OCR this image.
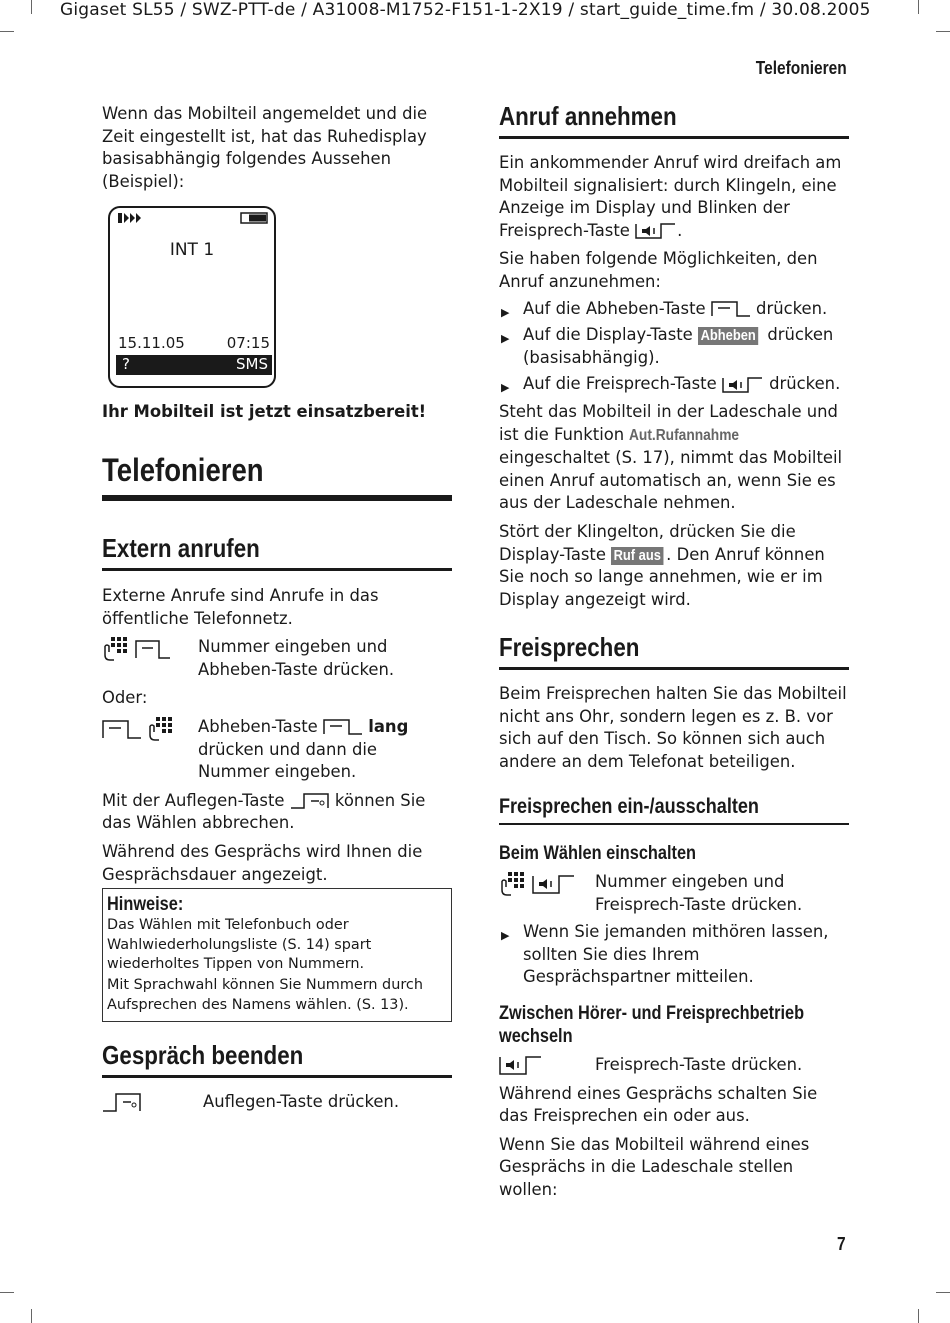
Gigaset SL55 / SWZ-PTT-de / A31008-M1752-F151-1-2X19 / start_guide_time.fm / 30.08.2005
Telefonieren

Wenn das Mobilteil angemeldet und die Zeit eingestellt ist, hat das Ruhedisplay basisabhängig folgendes Aussehen (Beispiel):

INT 1
15.11.05	07:15
?	SMS

Ihr Mobilteil ist jetzt einsatzbereit!

Telefonieren
Extern anrufen

Externe Anrufe sind Anrufe in das öffentliche Telefonnetz.

Nummer eingeben und Abheben-Taste drücken.

Oder:

Abheben-Taste	lang drücken und dann die Nummer eingeben.

Mit der Auflegen-Taste	können Sie das Wählen abbrechen.

Während des Gesprächs wird Ihnen die Gesprächsdauer angezeigt.

Hinweise:

Das Wählen mit Telefonbuch oder Wahlwiederholungsliste (S. 14) spart wiederholtes Tippen von Nummern.

Mit Sprachwahl können Sie Nummern durch Aufsprechen des Namens wählen. (S. 13).

Gespräch beenden

Auflegen-Taste drücken.

Anruf annehmen

Ein ankommender Anruf wird dreifach am Mobilteil signalisiert: durch Klingeln, eine Anzeige im Display und Blinken der Freisprech-Taste	.

Sie haben folgende Möglichkeiten, den Anruf anzunehmen:

▶ Auf die Abheben-Taste	drücken.

▶ Auf die Display-Taste Abheben drücken (basisabhängig).

▶ Auf die Freisprech-Taste	drücken.

Steht das Mobilteil in der Ladeschale und ist die Funktion Aut.Rufannahme eingeschaltet (S. 17), nimmt das Mobilteil einen Anruf automatisch an, wenn Sie es aus der Ladeschale nehmen.

Stört der Klingelton, drücken Sie die Display-Taste Ruf aus . Den Anruf können Sie noch so lange annehmen, wie er im Display angezeigt wird.

Freisprechen

Beim Freisprechen halten Sie das Mobilteil nicht ans Ohr, sondern legen es z. B. vor sich auf den Tisch. So können sich auch andere an dem Telefonat beteiligen.

Freisprechen ein-/ausschalten
Beim Wählen einschalten

Nummer eingeben und Freisprech-Taste drücken.

▶ Wenn Sie jemanden mithören lassen, sollten Sie dies Ihrem Gesprächspartner mitteilen.

Zwischen Hörer- und Freisprechbetrieb wechseln

Freisprech-Taste drücken.

Während eines Gesprächs schalten Sie das Freisprechen ein oder aus.

Wenn Sie das Mobilteil während eines Gesprächs in die Ladeschale stellen wollen:

7
